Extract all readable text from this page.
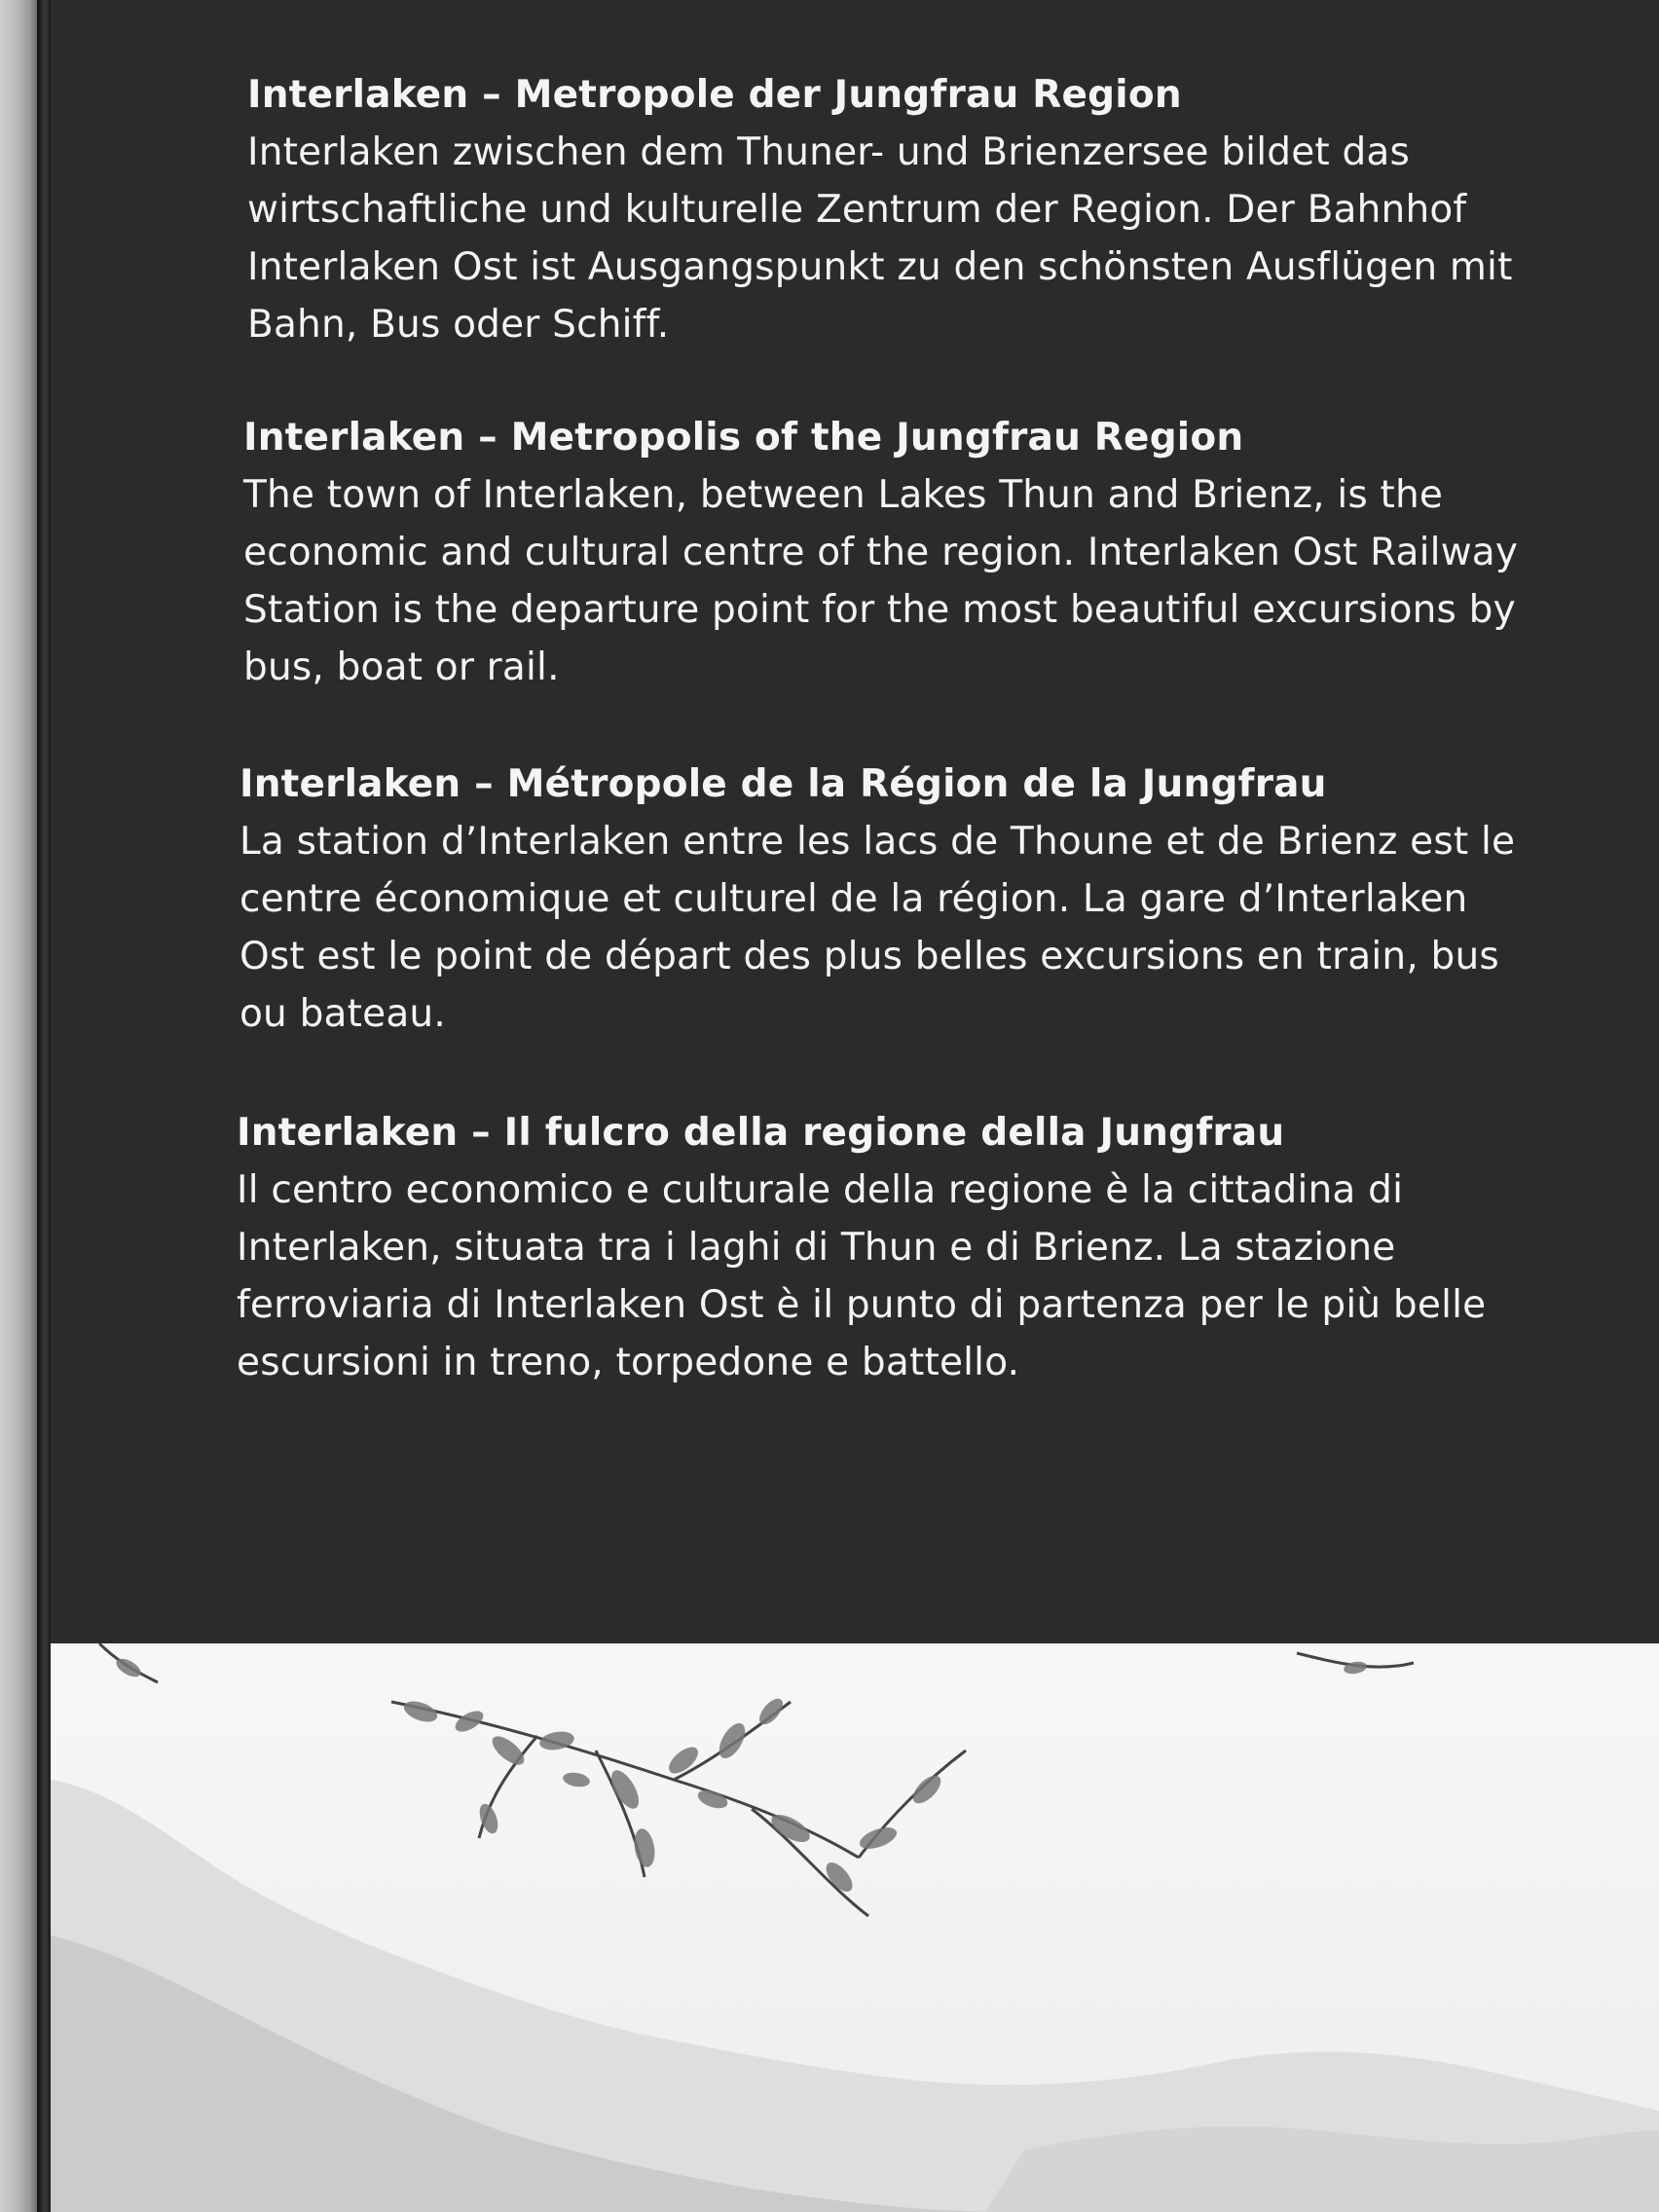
Interlaken – Metropole der Jungfrau Region

Interlaken zwischen dem Thuner- und Brienzersee bildet das

wirtschaftliche und kulturelle Zentrum der Region. Der Bahnhof

Interlaken Ost ist Ausgangspunkt zu den schönsten Ausflügen mit

Bahn, Bus oder Schiff.

Interlaken – Metropolis of the Jungfrau Region

The town of Interlaken, between Lakes Thun and Brienz, is the

economic and cultural centre of the region. Interlaken Ost Railway

Station is the departure point for the most beautiful excursions by

bus, boat or rail.

Interlaken – Métropole de la Région de la Jungfrau

La station d’Interlaken entre les lacs de Thoune et de Brienz est le

centre économique et culturel de la région. La gare d’Interlaken

Ost est le point de départ des plus belles excursions en train, bus

ou bateau.

Interlaken – Il fulcro della regione della Jungfrau

Il centro economico e culturale della regione è la cittadina di

Interlaken, situata tra i laghi di Thun e di Brienz. La stazione

ferroviaria di Interlaken Ost è il punto di partenza per le più belle

escursioni in treno, torpedone e battello.
